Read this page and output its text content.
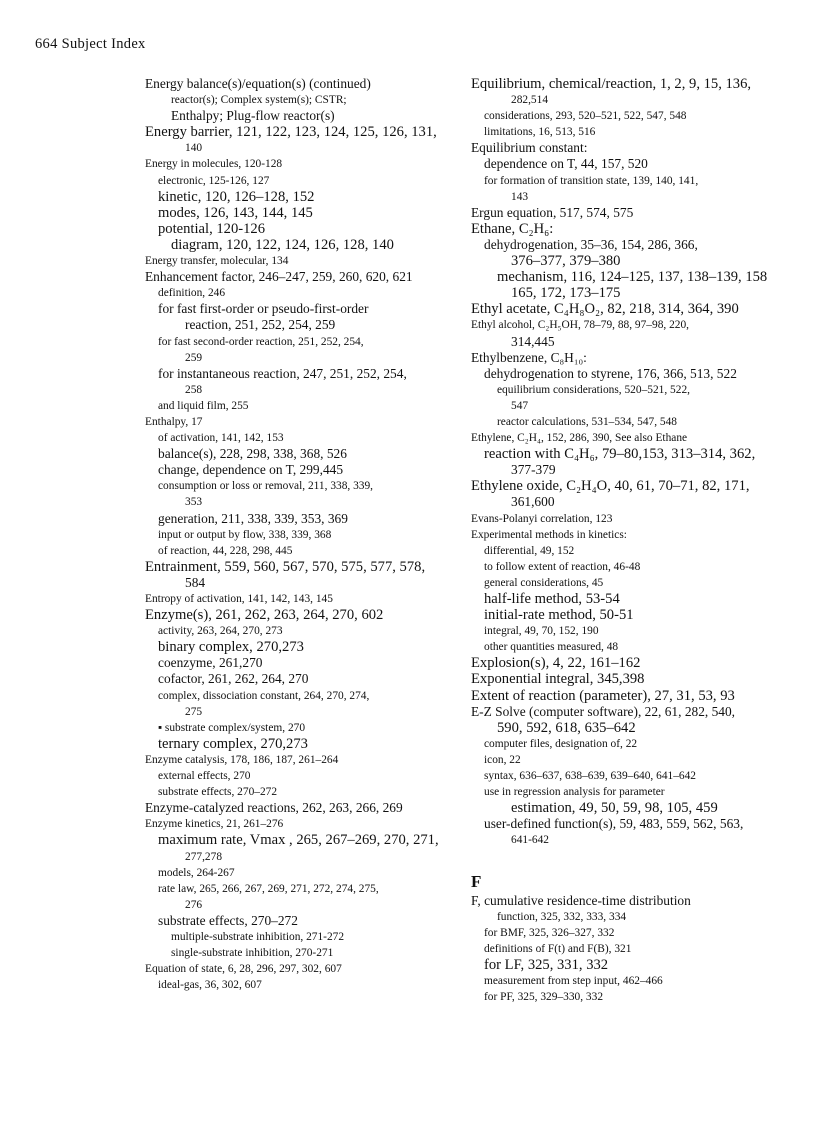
664 Subject Index

Energy balance(s)/equation(s) (continued)

reactor(s); Complex system(s); CSTR;

Enthalpy; Plug-flow reactor(s)

Energy barrier, 121, 122, 123, 124, 125, 126, 131,

140

Energy in molecules, 120-128

electronic, 125-126, 127

kinetic, 120, 126–128, 152

modes, 126, 143, 144, 145

potential, 120-126

diagram, 120, 122, 124, 126, 128, 140

Energy transfer, molecular, 134

Enhancement factor, 246–247, 259, 260, 620, 621

definition, 246

for fast first-order or pseudo-first-order

reaction, 251, 252, 254, 259

for fast second-order reaction, 251, 252, 254,

259

for instantaneous reaction, 247, 251, 252, 254,

258

and liquid film, 255

Enthalpy, 17

of activation, 141, 142, 153

balance(s), 228, 298, 338, 368, 526

change, dependence on T, 299,445

consumption or loss or removal, 211, 338, 339,

353

generation, 211, 338, 339, 353, 369

input or output by flow, 338, 339, 368

of reaction, 44, 228, 298, 445

Entrainment, 559, 560, 567, 570, 575, 577, 578,

584

Entropy of activation, 141, 142, 143, 145

Enzyme(s), 261, 262, 263, 264, 270, 602

activity, 263, 264, 270, 273

binary complex, 270,273

coenzyme, 261,270

cofactor, 261, 262, 264, 270

complex, dissociation constant, 264, 270, 274,

275

▪ substrate complex/system, 270

ternary complex, 270,273

Enzyme catalysis, 178, 186, 187, 261–264

external effects, 270

substrate effects, 270–272

Enzyme-catalyzed reactions, 262, 263, 266, 269

Enzyme kinetics, 21, 261–276

maximum rate, Vmax , 265, 267–269, 270, 271,

277,278

models, 264-267

rate law, 265, 266, 267, 269, 271, 272, 274, 275,

276

substrate effects, 270–272

multiple-substrate inhibition, 271-272

single-substrate inhibition, 270-271

Equation of state, 6, 28, 296, 297, 302, 607

ideal-gas, 36, 302, 607

Equilibrium, chemical/reaction, 1, 2, 9, 15, 136,

282,514

considerations, 293, 520–521, 522, 547, 548

limitations, 16, 513, 516

Equilibrium constant:

dependence on T, 44, 157, 520

for formation of transition state, 139, 140, 141,

143

Ergun equation, 517, 574, 575

Ethane, C₂H₆:

dehydrogenation, 35–36, 154, 286, 366,

376–377, 379–380

mechanism, 116, 124–125, 137, 138–139, 158

165, 172, 173–175

Ethyl acetate, C₄H₈O₂, 82, 218, 314, 364, 390

Ethyl alcohol, C₂H₅OH, 78–79, 88, 97–98, 220,

314,445

Ethylbenzene, C₈H₁₀:

dehydrogenation to styrene, 176, 366, 513, 522

equilibrium considerations, 520–521, 522,

547

reactor calculations, 531–534, 547, 548

Ethylene, C₂H₄, 152, 286, 390, See also Ethane

reaction with C₄H₆, 79–80,153, 313–314, 362,

377-379

Ethylene oxide, C₂H₄O, 40, 61, 70–71, 82, 171,

361,600

Evans-Polanyi correlation, 123

Experimental methods in kinetics:

differential, 49, 152

to follow extent of reaction, 46-48

general considerations, 45

half-life method, 53-54

initial-rate method, 50-51

integral, 49, 70, 152, 190

other quantities measured, 48

Explosion(s), 4, 22, 161–162

Exponential integral, 345,398

Extent of reaction (parameter), 27, 31, 53, 93

E-Z Solve (computer software), 22, 61, 282, 540,

590, 592, 618, 635–642

computer files, designation of, 22

icon, 22

syntax, 636–637, 638–639, 639–640, 641–642

use in regression analysis for parameter

estimation, 49, 50, 59, 98, 105, 459

user-defined function(s), 59, 483, 559, 562, 563,

641-642

F

F, cumulative residence-time distribution

function, 325, 332, 333, 334

for BMF, 325, 326–327, 332

definitions of F(t) and F(B), 321

for LF, 325, 331, 332

measurement from step input, 462–466

for PF, 325, 329–330, 332
